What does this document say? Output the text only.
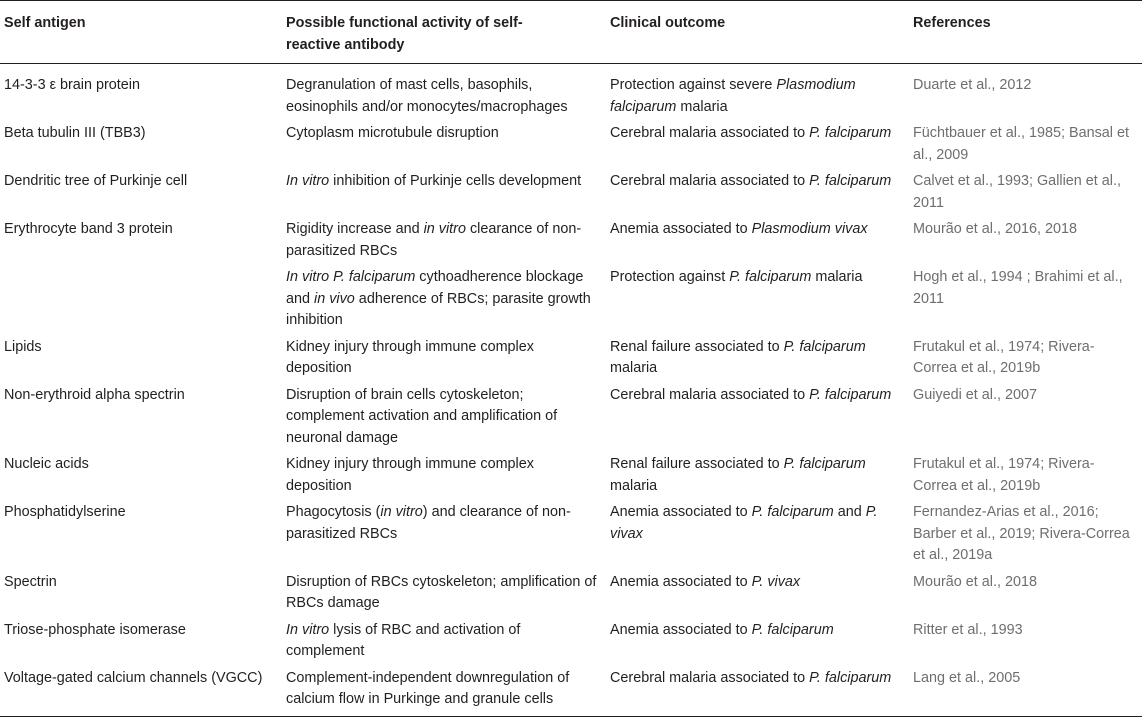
Self antigen	Possible functional activity of self-reactive antibody	Clinical outcome	References
14-3-3 ε brain protein	Degranulation of mast cells, basophils, eosinophils and/or monocytes/macrophages	Protection against severe Plasmodium falciparum malaria	Duarte et al., 2012
Beta tubulin III (TBB3)	Cytoplasm microtubule disruption	Cerebral malaria associated to P. falciparum	Füchtbauer et al., 1985; Bansal et al., 2009
Dendritic tree of Purkinje cell	In vitro inhibition of Purkinje cells development	Cerebral malaria associated to P. falciparum	Calvet et al., 1993; Gallien et al., 2011
Erythrocyte band 3 protein	Rigidity increase and in vitro clearance of non-parasitized RBCs	Anemia associated to Plasmodium vivax	Mourão et al., 2016, 2018
	In vitro P. falciparum cythoadherence blockage and in vivo adherence of RBCs; parasite growth inhibition	Protection against P. falciparum malaria	Hogh et al., 1994 ; Brahimi et al., 2011
Lipids	Kidney injury through immune complex deposition	Renal failure associated to P. falciparum malaria	Frutakul et al., 1974; Rivera-Correa et al., 2019b
Non-erythroid alpha spectrin	Disruption of brain cells cytoskeleton; complement activation and amplification of neuronal damage	Cerebral malaria associated to P. falciparum	Guiyedi et al., 2007
Nucleic acids	Kidney injury through immune complex deposition	Renal failure associated to P. falciparum malaria	Frutakul et al., 1974; Rivera-Correa et al., 2019b
Phosphatidylserine	Phagocytosis (in vitro) and clearance of non-parasitized RBCs	Anemia associated to P. falciparum and P. vivax	Fernandez-Arias et al., 2016; Barber et al., 2019; Rivera-Correa et al., 2019a
Spectrin	Disruption of RBCs cytoskeleton; amplification of RBCs damage	Anemia associated to P. vivax	Mourão et al., 2018
Triose-phosphate isomerase	In vitro lysis of RBC and activation of complement	Anemia associated to P. falciparum	Ritter et al., 1993
Voltage-gated calcium channels (VGCC)	Complement-independent downregulation of calcium flow in Purkinge and granule cells	Cerebral malaria associated to P. falciparum	Lang et al., 2005
